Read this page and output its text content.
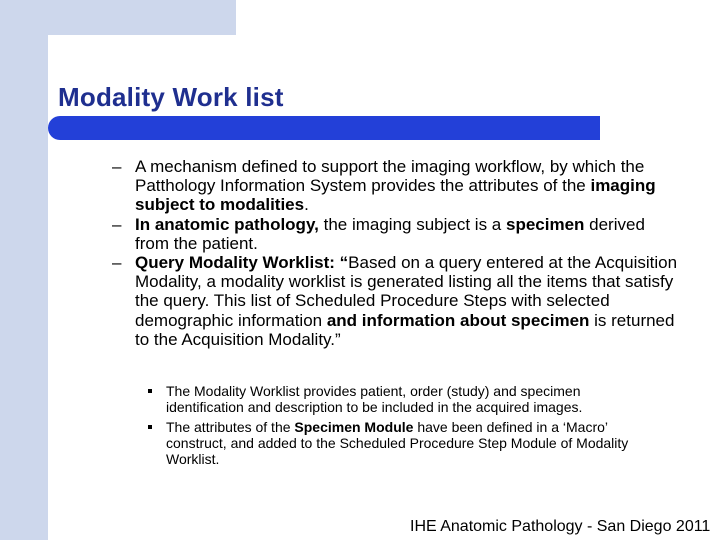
Modality Work list
– A mechanism defined to support the imaging workflow, by which the Patthology Information System provides the attributes of the imaging subject to modalities.
– In anatomic pathology, the imaging subject is a specimen derived from the patient.
– Query Modality Worklist: “Based on a query entered at the Acquisition Modality, a modality worklist is generated listing all the items that satisfy the query. This list of Scheduled Procedure Steps with selected demographic information and information about specimen is returned to the Acquisition Modality.”
The Modality Worklist provides patient, order (study) and specimen identification and description to be included in the acquired images.
The attributes of the Specimen Module have been defined in a ‘Macro’ construct, and added to the Scheduled Procedure Step Module of Modality Worklist.
IHE Anatomic Pathology - San Diego 2011
